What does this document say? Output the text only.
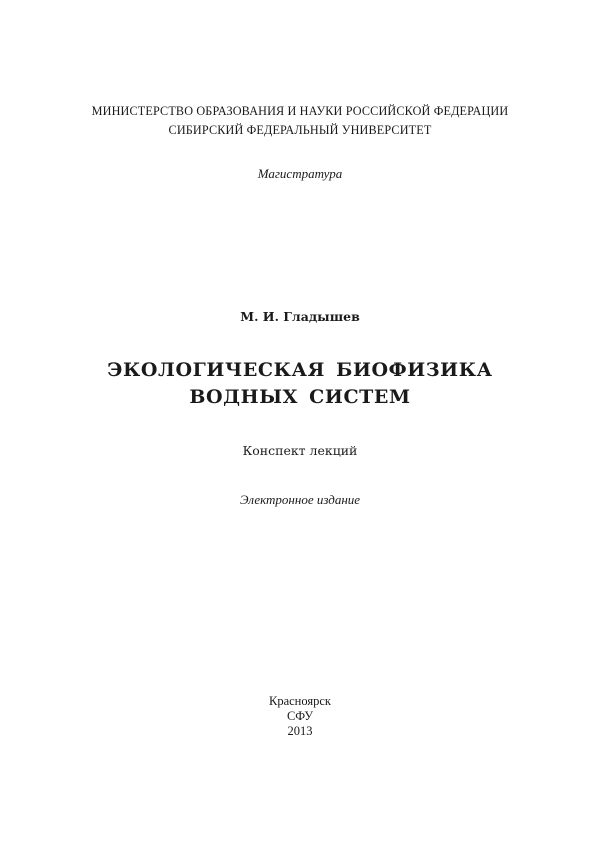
МИНИСТЕРСТВО ОБРАЗОВАНИЯ И НАУКИ РОССИЙСКОЙ ФЕДЕРАЦИИ
СИБИРСКИЙ ФЕДЕРАЛЬНЫЙ УНИВЕРСИТЕТ
Магистратура
М. И. Гладышев
ЭКОЛОГИЧЕСКАЯ БИОФИЗИКА
ВОДНЫХ СИСТЕМ
Конспект лекций
Электронное издание
Красноярск
СФУ
2013
